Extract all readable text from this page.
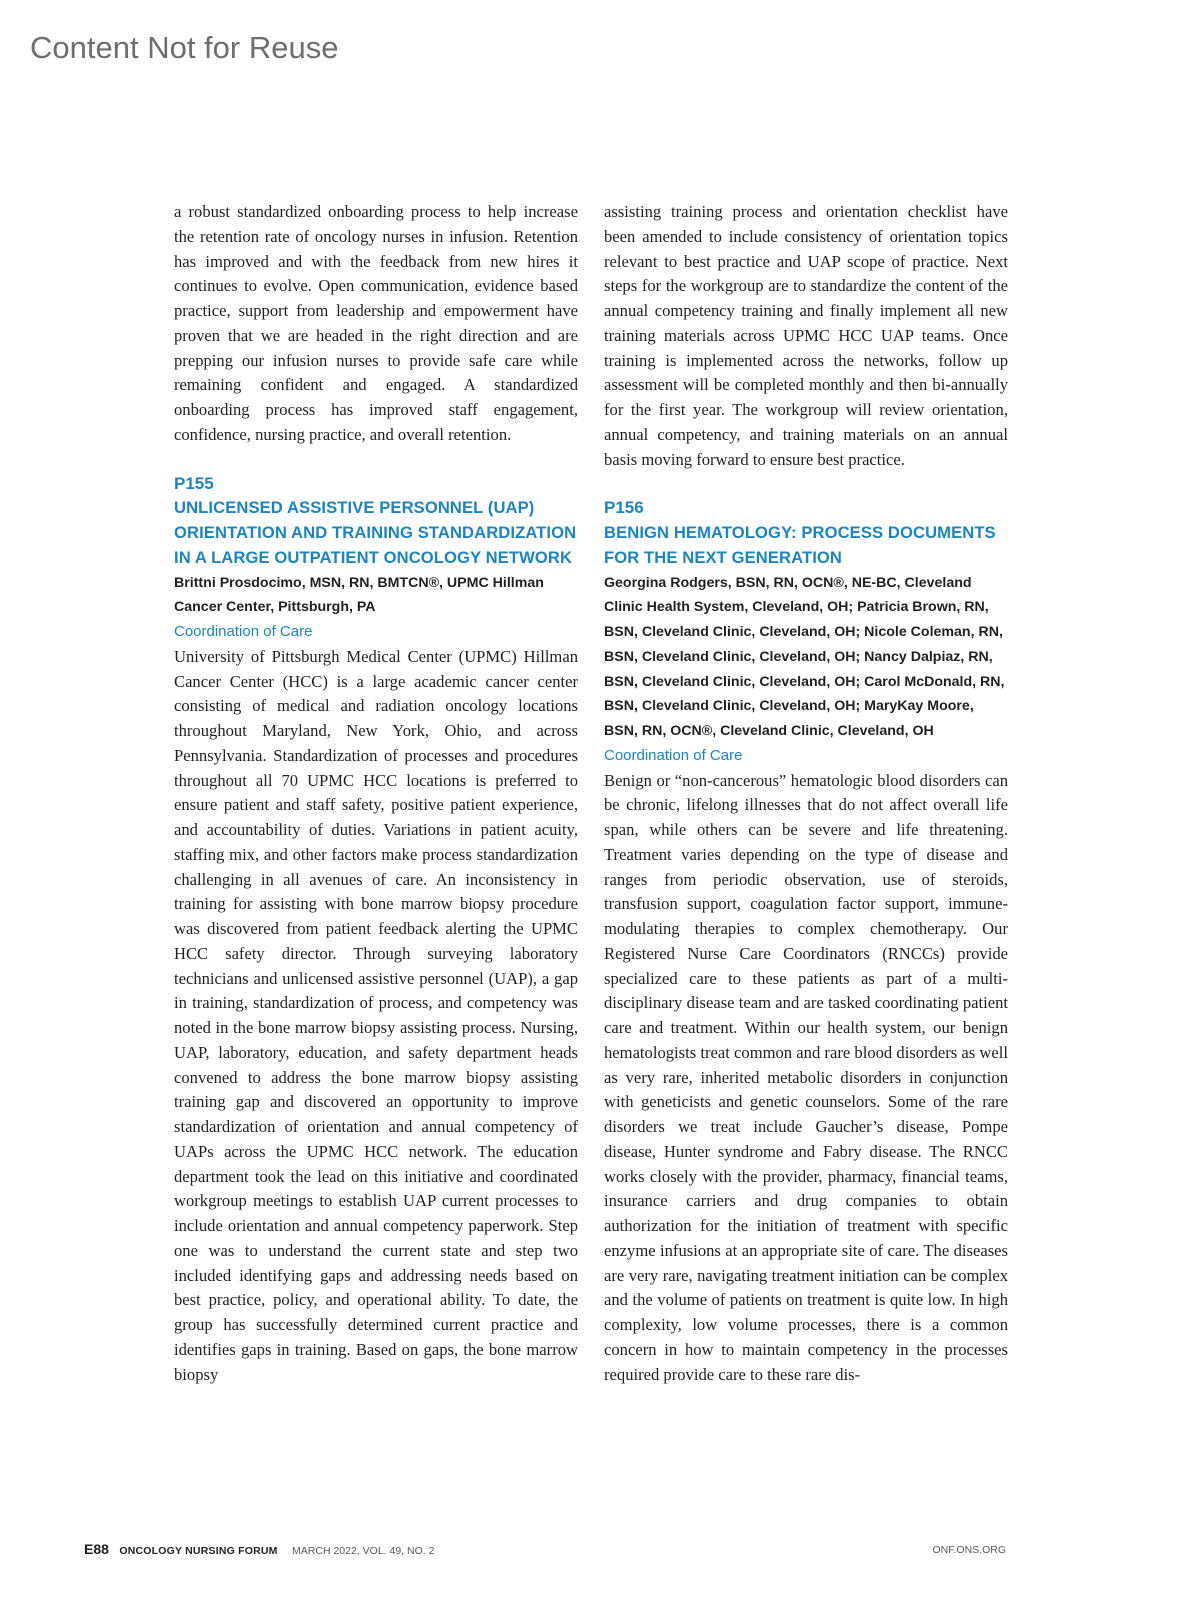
Content Not for Reuse

a robust standardized onboarding process to help increase the retention rate of oncology nurses in infusion. Retention has improved and with the feedback from new hires it continues to evolve. Open communication, evidence based practice, support from leadership and empowerment have proven that we are headed in the right direction and are prepping our infusion nurses to provide safe care while remaining confident and engaged. A standardized onboarding process has improved staff engagement, confidence, nursing practice, and overall retention.

P155
UNLICENSED ASSISTIVE PERSONNEL (UAP) ORIENTATION AND TRAINING STANDARDIZATION IN A LARGE OUTPATIENT ONCOLOGY NETWORK
Brittni Prosdocimo, MSN, RN, BMTCN®, UPMC Hillman Cancer Center, Pittsburgh, PA
Coordination of Care

University of Pittsburgh Medical Center (UPMC) Hillman Cancer Center (HCC) is a large academic cancer center consisting of medical and radiation oncology locations throughout Maryland, New York, Ohio, and across Pennsylvania. Standardization of processes and procedures throughout all 70 UPMC HCC locations is preferred to ensure patient and staff safety, positive patient experience, and accountability of duties. Variations in patient acuity, staffing mix, and other factors make process standardization challenging in all avenues of care. An inconsistency in training for assisting with bone marrow biopsy procedure was discovered from patient feedback alerting the UPMC HCC safety director. Through surveying laboratory technicians and unlicensed assistive personnel (UAP), a gap in training, standardization of process, and competency was noted in the bone marrow biopsy assisting process. Nursing, UAP, laboratory, education, and safety department heads convened to address the bone marrow biopsy assisting training gap and discovered an opportunity to improve standardization of orientation and annual competency of UAPs across the UPMC HCC network. The education department took the lead on this initiative and coordinated workgroup meetings to establish UAP current processes to include orientation and annual competency paperwork. Step one was to understand the current state and step two included identifying gaps and addressing needs based on best practice, policy, and operational ability. To date, the group has successfully determined current practice and identifies gaps in training. Based on gaps, the bone marrow biopsy

assisting training process and orientation checklist have been amended to include consistency of orientation topics relevant to best practice and UAP scope of practice. Next steps for the workgroup are to standardize the content of the annual competency training and finally implement all new training materials across UPMC HCC UAP teams. Once training is implemented across the networks, follow up assessment will be completed monthly and then bi-annually for the first year. The workgroup will review orientation, annual competency, and training materials on an annual basis moving forward to ensure best practice.

P156
BENIGN HEMATOLOGY: PROCESS DOCUMENTS FOR THE NEXT GENERATION
Georgina Rodgers, BSN, RN, OCN®, NE-BC, Cleveland Clinic Health System, Cleveland, OH; Patricia Brown, RN, BSN, Cleveland Clinic, Cleveland, OH; Nicole Coleman, RN, BSN, Cleveland Clinic, Cleveland, OH; Nancy Dalpiaz, RN, BSN, Cleveland Clinic, Cleveland, OH; Carol McDonald, RN, BSN, Cleveland Clinic, Cleveland, OH; MaryKay Moore, BSN, RN, OCN®, Cleveland Clinic, Cleveland, OH
Coordination of Care

Benign or “non-cancerous” hematologic blood disorders can be chronic, lifelong illnesses that do not affect overall life span, while others can be severe and life threatening. Treatment varies depending on the type of disease and ranges from periodic observation, use of steroids, transfusion support, coagulation factor support, immune-modulating therapies to complex chemotherapy. Our Registered Nurse Care Coordinators (RNCCs) provide specialized care to these patients as part of a multi-disciplinary disease team and are tasked coordinating patient care and treatment. Within our health system, our benign hematologists treat common and rare blood disorders as well as very rare, inherited metabolic disorders in conjunction with geneticists and genetic counselors. Some of the rare disorders we treat include Gaucher’s disease, Pompe disease, Hunter syndrome and Fabry disease. The RNCC works closely with the provider, pharmacy, financial teams, insurance carriers and drug companies to obtain authorization for the initiation of treatment with specific enzyme infusions at an appropriate site of care. The diseases are very rare, navigating treatment initiation can be complex and the volume of patients on treatment is quite low. In high complexity, low volume processes, there is a common concern in how to maintain competency in the processes required provide care to these rare dis-

E88 ONCOLOGY NURSING FORUM MARCH 2022, VOL. 49, NO. 2	ONF.ONS.ORG
